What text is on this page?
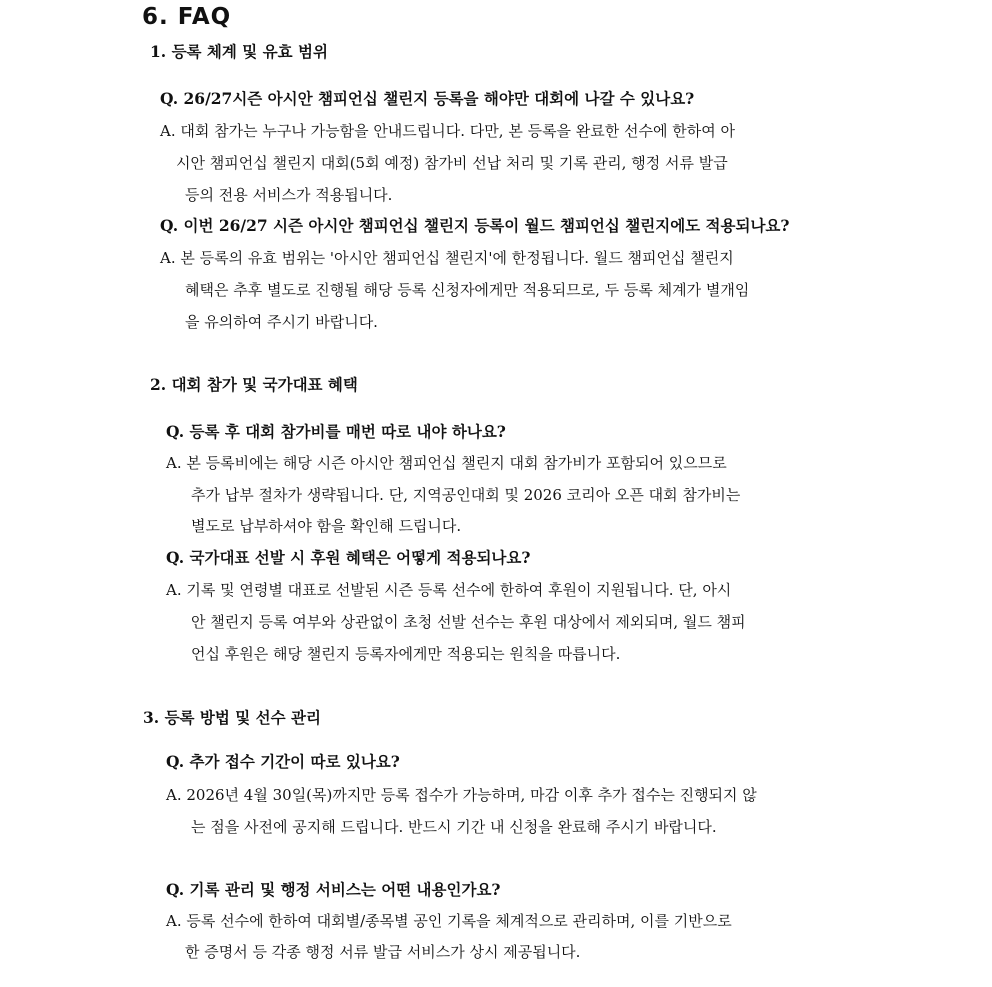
6. FAQ
1. 등록 체계 및 유효 범위
Q. 26/27시즌 아시안 챔피언십 챌린지 등록을 해야만 대회에 나갈 수 있나요?
A. 대회 참가는 누구나 가능함을 안내드립니다. 다만, 본 등록을 완료한 선수에 한하여 아
시안 챔피언십 챌린지 대회(5회 예정) 참가비 선납 처리 및 기록 관리, 행정 서류 발급
등의 전용 서비스가 적용됩니다.
Q. 이번 26/27 시즌 아시안 챔피언십 챌린지 등록이 월드 챔피언십 챌린지에도 적용되나요?
A. 본 등록의 유효 범위는 '아시안 챔피언십 챌린지'에 한정됩니다. 월드 챔피언십 챌린지
혜택은 추후 별도로 진행될 해당 등록 신청자에게만 적용되므로, 두 등록 체계가 별개임
을 유의하여 주시기 바랍니다.
2. 대회 참가 및 국가대표 혜택
Q. 등록 후 대회 참가비를 매번 따로 내야 하나요?
A. 본 등록비에는 해당 시즌 아시안 챔피언십 챌린지 대회 참가비가 포함되어 있으므로
추가 납부 절차가 생략됩니다. 단, 지역공인대회 및 2026 코리아 오픈 대회 참가비는
별도로 납부하셔야 함을 확인해 드립니다.
Q. 국가대표 선발 시 후원 혜택은 어떻게 적용되나요?
A. 기록 및 연령별 대표로 선발된 시즌 등록 선수에 한하여 후원이 지원됩니다. 단, 아시
안 챌린지 등록 여부와 상관없이 초청 선발 선수는 후원 대상에서 제외되며, 월드 챔피
언십 후원은 해당 챌린지 등록자에게만 적용되는 원칙을 따릅니다.
3. 등록 방법 및 선수 관리
Q. 추가 접수 기간이 따로 있나요?
A. 2026년 4월 30일(목)까지만 등록 접수가 가능하며, 마감 이후 추가 접수는 진행되지 않
는 점을 사전에 공지해 드립니다. 반드시 기간 내 신청을 완료해 주시기 바랍니다.
Q. 기록 관리 및 행정 서비스는 어떤 내용인가요?
A. 등록 선수에 한하여 대회별/종목별 공인 기록을 체계적으로 관리하며, 이를 기반으로
한 증명서 등 각종 행정 서류 발급 서비스가 상시 제공됩니다.
